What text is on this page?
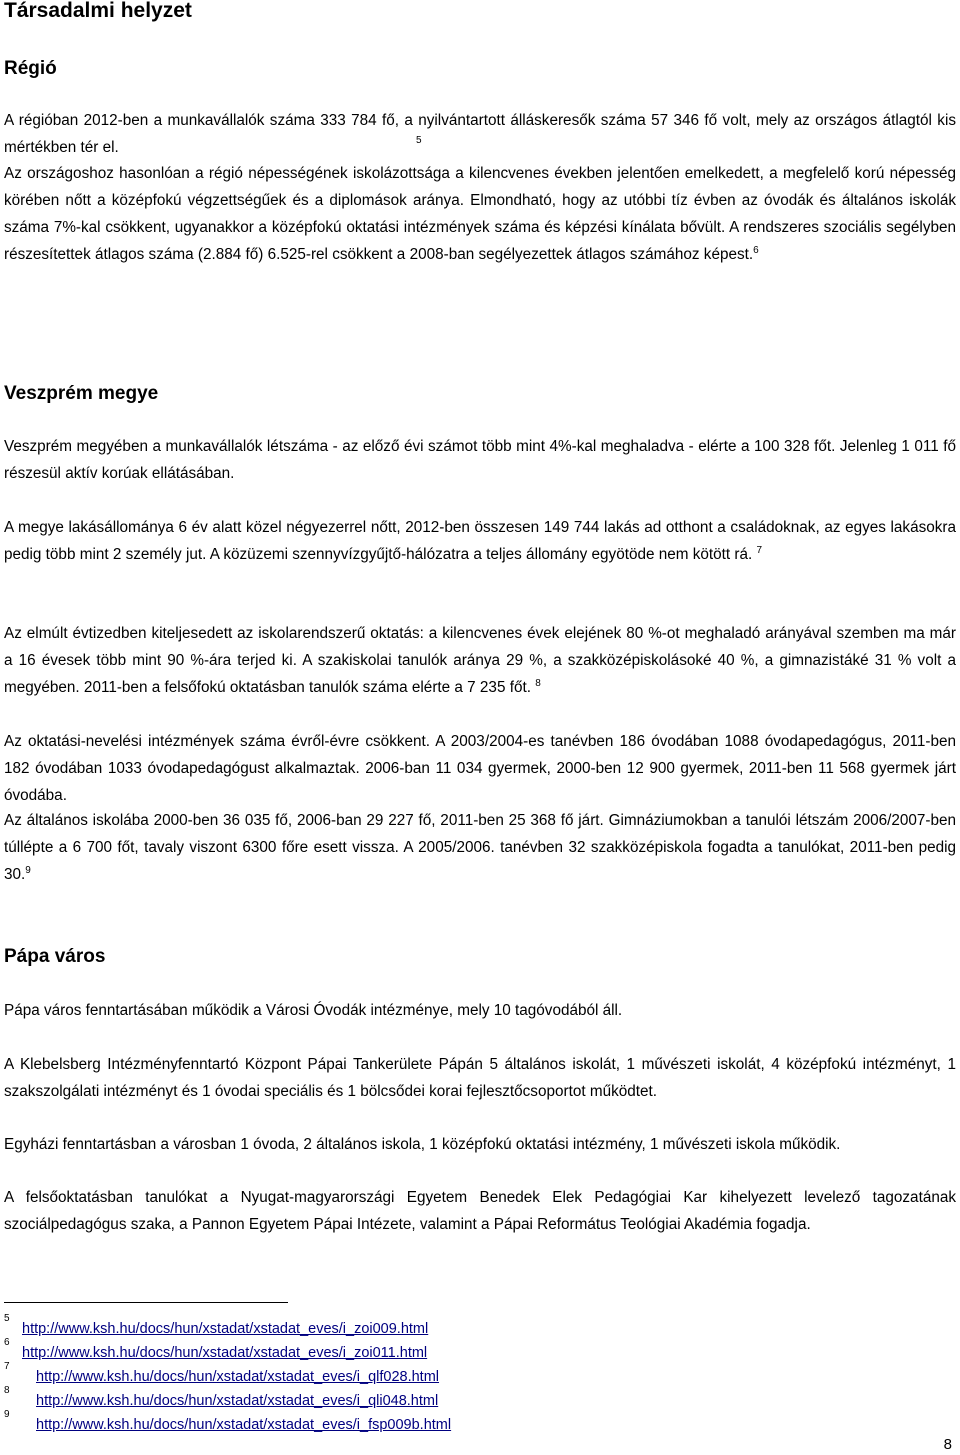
Társadalmi helyzet
Régió
A régióban 2012-ben a munkavállalók száma 333 784 fő, a nyilvántartott álláskeresők száma 57 346 fő volt, mely az országos átlagtól kis mértékben tér el.	5
Az országoshoz hasonlóan a régió népességének iskolázottsága a kilencvenes években jelentően emelkedett, a megfelelő korú népesség körében nőtt a középfokú végzettségűek és a diplomások aránya. Elmondható, hogy az utóbbi tíz évben az óvodák és általános iskolák száma 7%-kal csökkent, ugyanakkor a középfokú oktatási intézmények száma és képzési kínálata bővült. A rendszeres szociális segélyben részesítettek átlagos száma (2.884 fő) 6.525-rel csökkent a 2008-ban segélyezettek átlagos számához képest.$^6$
Veszprém megye
Veszprém megyében a munkavállalók létszáma - az előző évi számot több mint 4%-kal meghaladva - elérte a 100 328 főt. Jelenleg 1 011 fő részesül aktív korúak ellátásában.
A megye lakásállománya 6 év alatt közel négyezerrel nőtt, 2012-ben összesen 149 744 lakás ad otthont a családoknak, az egyes lakásokra pedig több mint 2 személy jut. A közüzemi szennyvízgyűjtő-hálózatra a teljes állomány egyötöde nem kötött rá. $^7$
Az elmúlt évtizedben kiteljesedett az iskolarendszerű oktatás: a kilencvenes évek elejének 80 %-ot meghaladó arányával szemben ma már a 16 évesek több mint 90 %-ára terjed ki. A szakiskolai tanulók aránya 29 %, a szakközépiskolásoké 40 %, a gimnazistáké 31 % volt a megyében. 2011-ben a felsőfokú oktatásban tanulók száma elérte a 7 235 főt. $^8$
Az oktatási-nevelési intézmények száma évről-évre csökkent. A 2003/2004-es tanévben 186 óvodában 1088 óvodapedagógus, 2011-ben 182 óvodában 1033 óvodapedagógust alkalmaztak. 2006-ban 11 034 gyermek, 2000-ben 12 900 gyermek, 2011-ben 11 568 gyermek járt óvodába.
Az általános iskolába 2000-ben 36 035 fő, 2006-ban 29 227 fő, 2011-ben 25 368 fő járt. Gimnáziumokban a tanulói létszám 2006/2007-ben túllépte a 6 700 főt, tavaly viszont 6300 főre esett vissza. A 2005/2006. tanévben 32 szakközépiskola fogadta a tanulókat, 2011-ben pedig 30.$^9$
Pápa város
Pápa város fenntartásában működik a Városi Óvodák intézménye, mely 10 tagóvodából áll.
A Klebelsberg Intézményfenntartó Központ Pápai Tankerülete Pápán 5 általános iskolát, 1 művészeti iskolát, 4 középfokú intézményt, 1 szakszolgálati intézményt és 1 óvodai speciális és 1 bölcsődei korai fejlesztőcsoportot működtet.
Egyházi fenntartásban a városban 1 óvoda, 2 általános iskola, 1 középfokú oktatási intézmény, 1 művészeti iskola működik.
A felsőoktatásban tanulókat a Nyugat-magyarországi Egyetem Benedek Elek Pedagógiai Kar kihelyezett levelező tagozatának szociálpedagógus szaka, a Pannon Egyetem Pápai Intézete, valamint a Pápai Református Teológiai Akadémia fogadja.
5
http://www.ksh.hu/docs/hun/xstadat/xstadat_eves/i_zoi009.html
6
http://www.ksh.hu/docs/hun/xstadat/xstadat_eves/i_zoi011.html
7
http://www.ksh.hu/docs/hun/xstadat/xstadat_eves/i_qlf028.html
8
http://www.ksh.hu/docs/hun/xstadat/xstadat_eves/i_qli048.html
9
http://www.ksh.hu/docs/hun/xstadat/xstadat_eves/i_fsp009b.html
8
